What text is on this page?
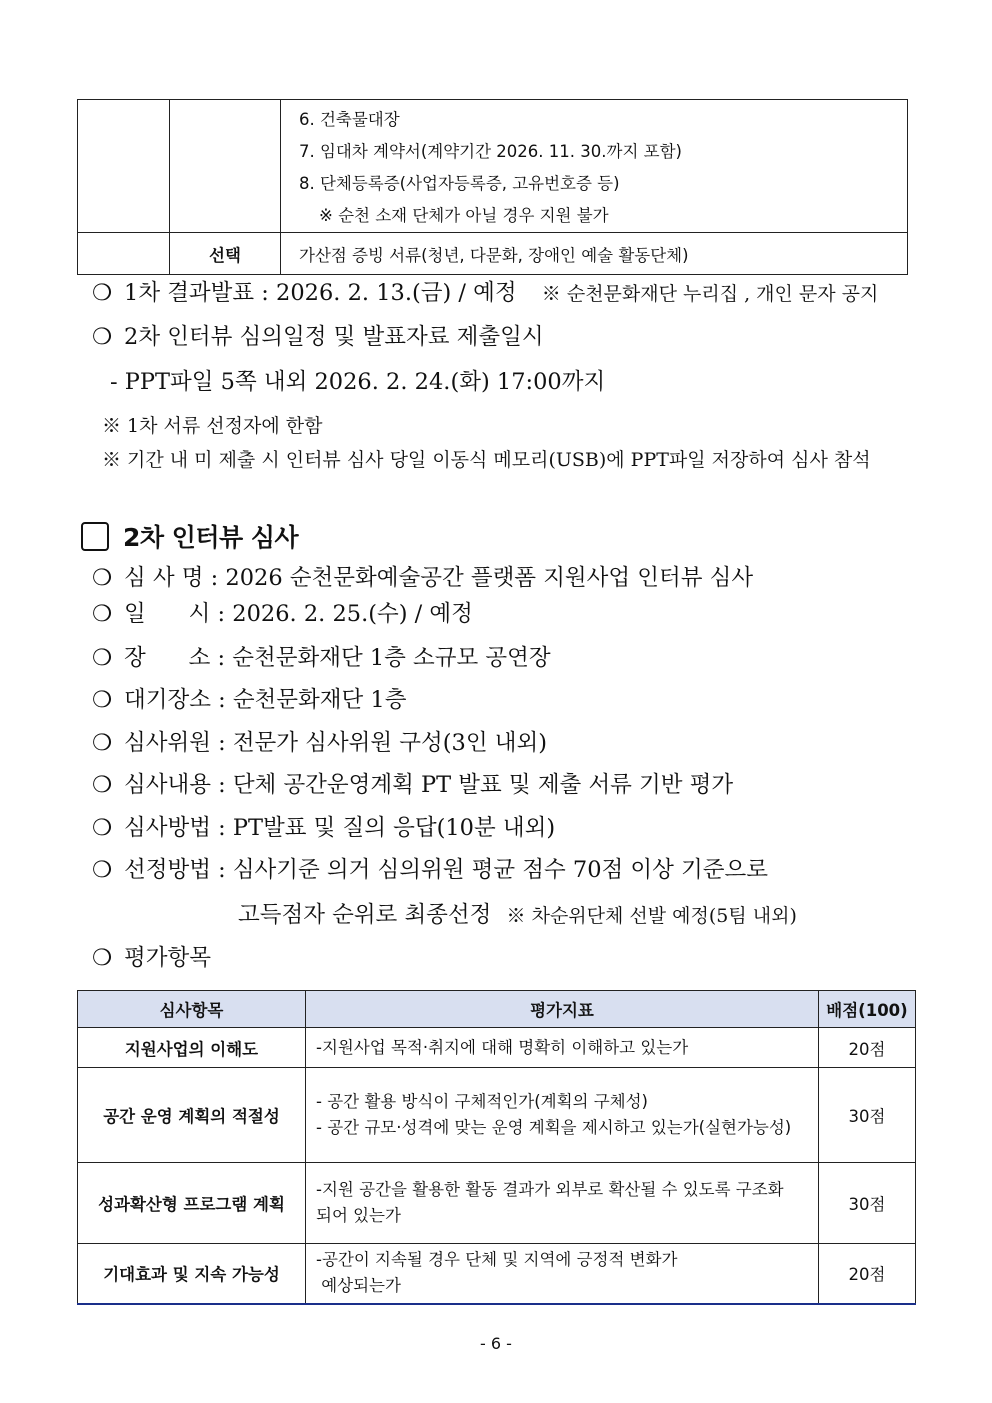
		6. 건축물대장
7. 임대차 계약서(계약기간 2026. 11. 30.까지 포함)
8. 단체등록증(사업자등록증, 고유번호증 등)
※ 순천 소재 단체가 아닐 경우 지원 불가

	선택	가산점 증빙 서류(청년, 다문화, 장애인 예술 활동단체)
❍ 1차 결과발표 : 2026. 2. 13.(금) / 예정 ※ 순천문화재단 누리집 , 개인 문자 공지
❍ 2차 인터뷰 심의일정 및 발표자료 제출일시
- PPT파일 5쪽 내외 2026. 2. 24.(화) 17:00까지
※ 1차 서류 선정자에 한함
※ 기간 내 미 제출 시 인터뷰 심사 당일 이동식 메모리(USB)에 PPT파일 저장하여 심사 참석
2차 인터뷰 심사
❍ 심 사 명 : 2026 순천문화예술공간 플랫폼 지원사업 인터뷰 심사
❍ 일      시 : 2026. 2. 25.(수) / 예정
❍ 장      소 : 순천문화재단 1층 소규모 공연장
❍ 대기장소 : 순천문화재단 1층
❍ 심사위원 : 전문가 심사위원 구성(3인 내외)
❍ 심사내용 : 단체 공간운영계획 PT 발표 및 제출 서류 기반 평가
❍ 심사방법 : PT발표 및 질의 응답(10분 내외)
❍ 선정방법 : 심사기준 의거 심의위원 평균 점수 70점 이상 기준으로
고득점자 순위로 최종선정 ※ 차순위단체 선발 예정(5팀 내외)
❍ 평가항목
심사항목	평가지표	배점(100)
지원사업의 이해도	-지원사업 목적·취지에 대해 명확히 이해하고 있는가	20점
공간 운영 계획의 적절성	- 공간 활용 방식이 구체적인가(계획의 구체성)
- 공간 규모·성격에 맞는 운영 계획을 제시하고 있는가(실현가능성)	30점
성과확산형 프로그램 계획	-지원 공간을 활용한 활동 결과가 외부로 확산될 수 있도록 구조화
되어 있는가	30점
기대효과 및 지속 가능성	-공간이 지속될 경우 단체 및 지역에 긍정적 변화가
예상되는가	20점
- 6 -
